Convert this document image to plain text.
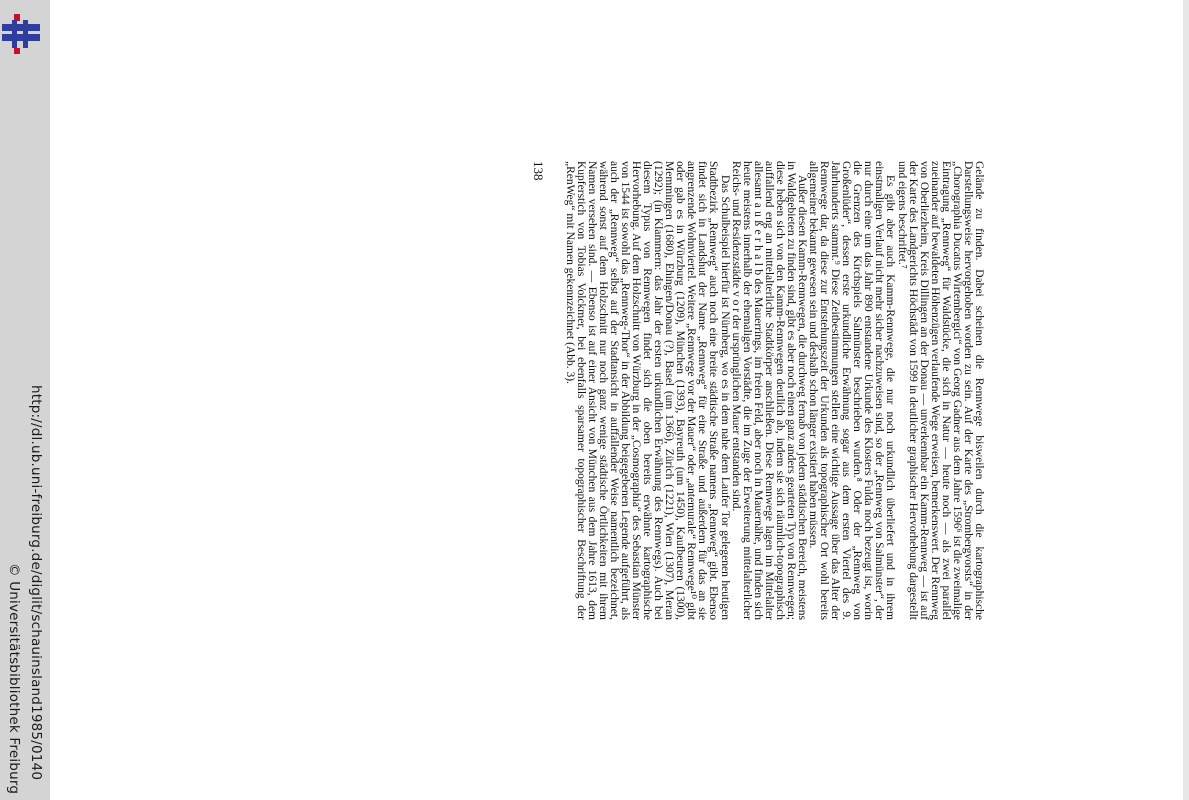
http://dl.ub.uni-freiburg.de/diglit/schauinsland1985/0140
© Universitätsbibliothek Freiburg

Gelände zu finden. Dabei scheinen die Rennwege bisweilen durch die kartographische Darstellungsweise hervorgehoben worden zu sein. Auf der Karte des „Strombergvorsts“ in der „Chorographia Ducatus Wirtembergici“ von Georg Gadner aus dem Jahre 1596⁶ ist die zweimalige Eintragung „Rennweg“ für Waldstücke, die sich in Natur — heute noch — als zwei parallel zueinander auf bewaldeten Höhenzügen verlaufende Wege erweisen, bemerkenswert. Der Rennweg von Oberliezheim, Kreis Dillingen an der Donau — unverkennbar ein Kamm-Rennweg — ist auf der Karte des Landgerichts Höchstädt von 1599 in deutlicher graphischer Hervorhebung dargestellt und eigens beschriftet.⁷

Es gibt aber auch Kamm-Rennwege, die nur noch urkundlich überliefert und in ihrem einstmaligen Verlauf nicht mehr sicher nachzuweisen sind, so der „Rennweg von Salmünster“, der nur durch eine um das Jahr 890 entstandene Urkunde des Klosters Fulda noch bezeugt ist, worin die Grenzen des Kirchspiels Salmünster beschrieben wurden.⁸ Oder der „Rennweg von Großenlüder“, dessen erste urkundliche Erwähnung sogar aus dem ersten Viertel des 9. Jahrhunderts stammt.⁹ Diese Zeitbestimmungen stellen eine wichtige Aussage über das Alter der Rennwege dar, da diese zur Entstehungszeit der Urkunden als topographischer Ort wohl bereits allgemeiner bekannt gewesen sein und deshalb schon länger existiert haben müssen.

Außer diesen Kamm-Rennwegen, die durchweg fernab von jedem städtischen Bereich, meistens in Waldgebieten zu finden sind, gibt es aber noch einen ganz anders gearteten Typ von Rennwegen; diese heben sich von den Kamm-Rennwegen deutlich ab, indem sie sich räumlich-topographisch auffallend eng an mittelalterliche Stadtkörper anschließen. Diese Rennwege lagen im Mittelalter allesamt a u ß e r h a l b des Mauerrings, im freien Feld, aber noch in Mauernähe, und finden sich heute meistens innerhalb der ehemaligen Vorstädte, die im Zuge der Erweiterung mittelalterlicher Reichs- und Residenzstädte v o r der ursprünglichen Mauer entstanden sind.

Das Schulbeispiel hierfür ist Nürnberg, wo es in dem nahe dem Laufer Tor gelegenen heutigen Stadtbezirk „Rennweg“ auch noch eine breite städtische Straße namens „Rennweg“ gibt. Ebenso findet sich in Landshut der Name „Rennweg“ für eine Straße und außerdem für das an sie angrenzende Wohnviertel. Weitere „Rennwege vor der Mauer“ oder „antemurale“ Rennwege¹⁰ gibt oder gab es in Würzburg (1209), München (1393), Bayreuth (um 1450), Kaufbeuren (1300), Memmingen (1680), Ehingen/Donau (?), Basel (um 1366), Zürich (1221), Wien (1307), Meran (1292); (in Klammern: das Jahr der ersten urkundlichen Erwähnung des Rennwegs). Auch bei diesem Typus von Rennwegen findet sich die oben bereits erwähnte kartographische Hervorhebung. Auf dem Holzschnitt von Würzburg in der „Cosmographia“ des Sebastian Münster von 1544 ist sowohl das „Rennweg-Thor“ in der Abbildung beigegebenen Legende aufgeführt, als auch der „Rennweg“ selbst auf der Stadtansicht in auffallender Weise namentlich bezeichnet, während sonst auf dem Holzschnitt nur noch ganz wenige städtische Örtlichkeiten mit ihrem Namen versehen sind. — Ebenso ist auf einer Ansicht von München aus dem Jahre 1613, dem Kupferstich von Tobias Volckmer, bei ebenfalls sparsamer topographischer Beschriftung der „RenWeg“ mit Namen gekennzeichnet (Abb. 3).

138
